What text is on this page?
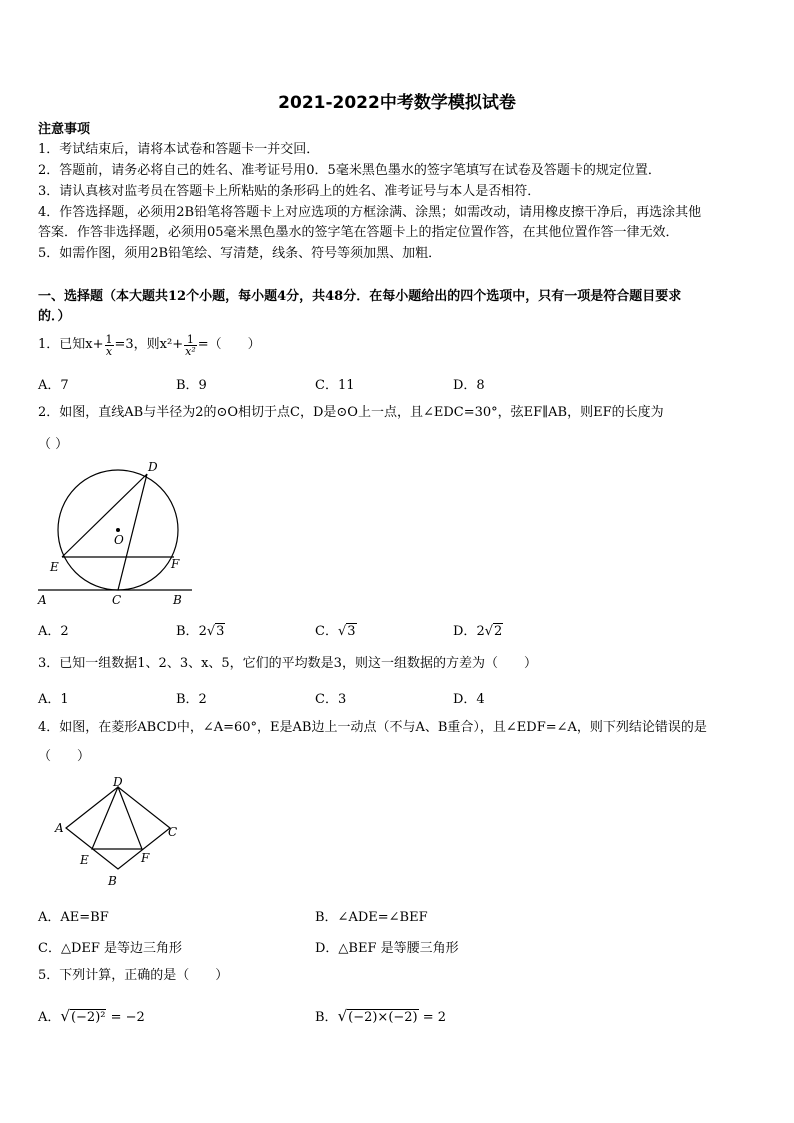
2021-2022中考数学模拟试卷
注意事项
1．考试结束后，请将本试卷和答题卡一并交回．
2．答题前，请务必将自己的姓名、准考证号用0．5毫米黑色墨水的签字笔填写在试卷及答题卡的规定位置．
3．请认真核对监考员在答题卡上所粘贴的条形码上的姓名、准考证号与本人是否相符．
4．作答选择题，必须用2B铅笔将答题卡上对应选项的方框涂满、涂黑；如需改动，请用橡皮擦干净后，再选涂其他
答案．作答非选择题，必须用05毫米黑色墨水的签字笔在答题卡上的指定位置作答，在其他位置作答一律无效．
5．如需作图，须用2B铅笔绘、写清楚，线条、符号等须加黑、加粗．
一、选择题（本大题共12个小题，每小题4分，共48分．在每小题给出的四个选项中，只有一项是符合题目要求
的．）
1．已知$x+ \frac{1}{x} =3$，则$x^2+ \frac{1}{\text{x²}}$ =（　　）
A．7	B．9	C．11	D．8
2．如图，直线AB与半径为2的⊙O相切于点C，D是⊙O上一点，且∠EDC=30°，弦EF∥AB，则EF的长度为
（ ）
D
O
E	F
A	C	B
A．2	B．2√3	C．√3	D．2√2
3．已知一组数据1、2、3、x、5，它们的平均数是3，则这一组数据的方差为（　　）
A．1	B．2	C．3	D．4
4．如图，在菱形ABCD中，∠A=60°，E是AB边上一动点（不与A、B重合），且∠EDF=∠A，则下列结论错误的是
（　　）
D
A	C
E	F
B
A．AE=BF	B．∠ADE=∠BEF
C．△DEF 是等边三角形	D．△BEF 是等腰三角形
5．下列计算，正确的是（　　）
A．√(−2)² = −2	B．√(−2)×(−2) = 2
